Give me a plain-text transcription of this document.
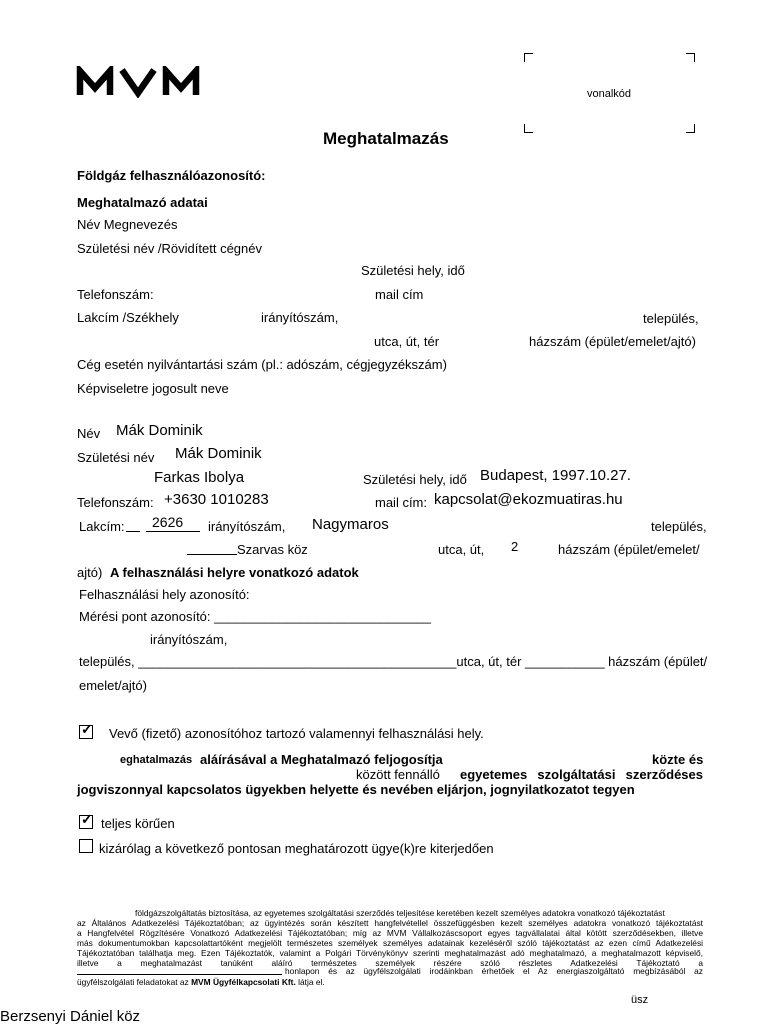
vonalkód
Meghatalmazás
Földgáz felhasználóazonosító:
Meghatalmazó adatai
Név Megnevezés
Születési név /Rövidített cégnév
Születési hely, idő
Telefonszám:	mail cím
Lakcím /Székhely	irányítószám,	település,
utca, út, tér	házszám (épület/emelet/ajtó)
Cég esetén nyilvántartási szám (pl.: adószám, cégjegyzékszám)
Képviseletre jogosult neve
Név Mák Dominik
Születési név Mák Dominik
Farkas Ibolya	Születési hely, idő Budapest, 1997.10.27.
Telefonszám: +3630 1010283	mail cím: kapcsolat@ekozmuatiras.hu
Lakcím: 2626 irányítószám, Nagymaros	település,
Szarvas köz	utca, út, 2	házszám (épület/emelet/
ajtó) A felhasználási helyre vonatkozó adatok
Felhasználási hely azonosító:
Mérési pont azonosító: ______________________________
irányítószám,
település, ____________________________________________utca, út, tér ___________ házszám (épület/
emelet/ajtó)
✓ Vevő (fizető) azonosítóhoz tartozó valamennyi felhasználási hely.
eghatalmazás aláírásával a Meghatalmazó feljogosítja	közte és
között fennálló egyetemes szolgáltatási szerződéses
jogviszonnyal kapcsolatos ügyekben helyette és nevében eljárjon, jognyilatkozatot tegyen
✓ teljes körűen
kizárólag a következő pontosan meghatározott ügye(k)re kiterjedően
földgázszolgáltatás biztosítása, az egyetemes szolgáltatási szerződés teljesítése keretében kezelt személyes adatokra vonatkozó tájékoztatást
az Általános Adatkezelési Tájékoztatóban; az ügyintézés során készített hangfelvétellel összefüggésben kezelt személyes adatokra vonatkozó tájékoztatást
a Hangfelvétel Rögzítésére Vonatkozó Adatkezelési Tájékoztatóban; míg az MVM Vállalkozáscsoport egyes tagvállalatai által kötött szerződésekben, illetve
más dokumentumokban kapcsolattartóként megjelölt természetes személyek személyes adatainak kezeléséről szóló tájékoztatást az ezen című Adatkezelési
Tájékoztatóban találhatja meg. Ezen Tájékoztatók, valamint a Polgári Törvénykönyv szerinti meghatalmazást adó meghatalmazó, a meghatalmazott képviselő,
illetve a meghatalmazást tanúként aláíró természetes személyek részére szóló részletes Adatkezelési Tájékoztató a
honlapon és az ügyfélszolgálati irodáinkban érhetőek el Az energiaszolgáltató megbízásából az
ügyfélszolgálati feladatokat az MVM Ügyfélkapcsolati Kft. látja el.
üsz
Berzsenyi Dániel köz
